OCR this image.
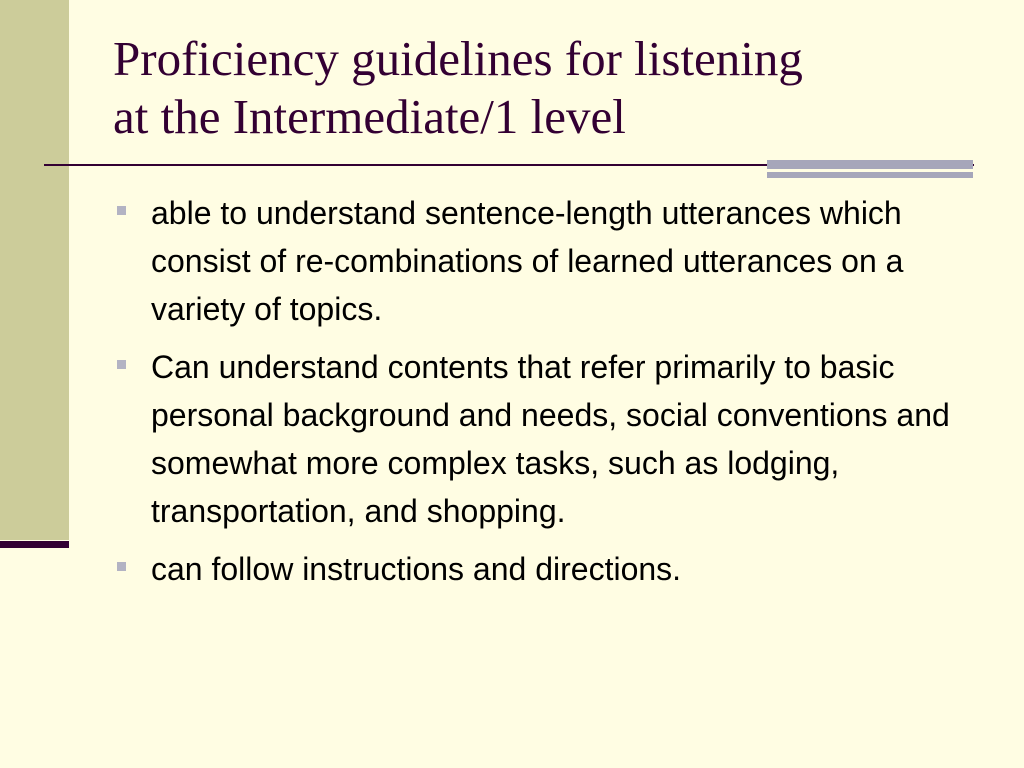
Proficiency guidelines for listening
at the Intermediate/1 level
able to understand sentence-length utterances which consist of re-combinations of learned utterances on a variety of topics.
Can understand contents that refer primarily to basic personal background and needs, social conventions and somewhat more complex tasks, such as lodging, transportation, and shopping.
can follow instructions and directions.
